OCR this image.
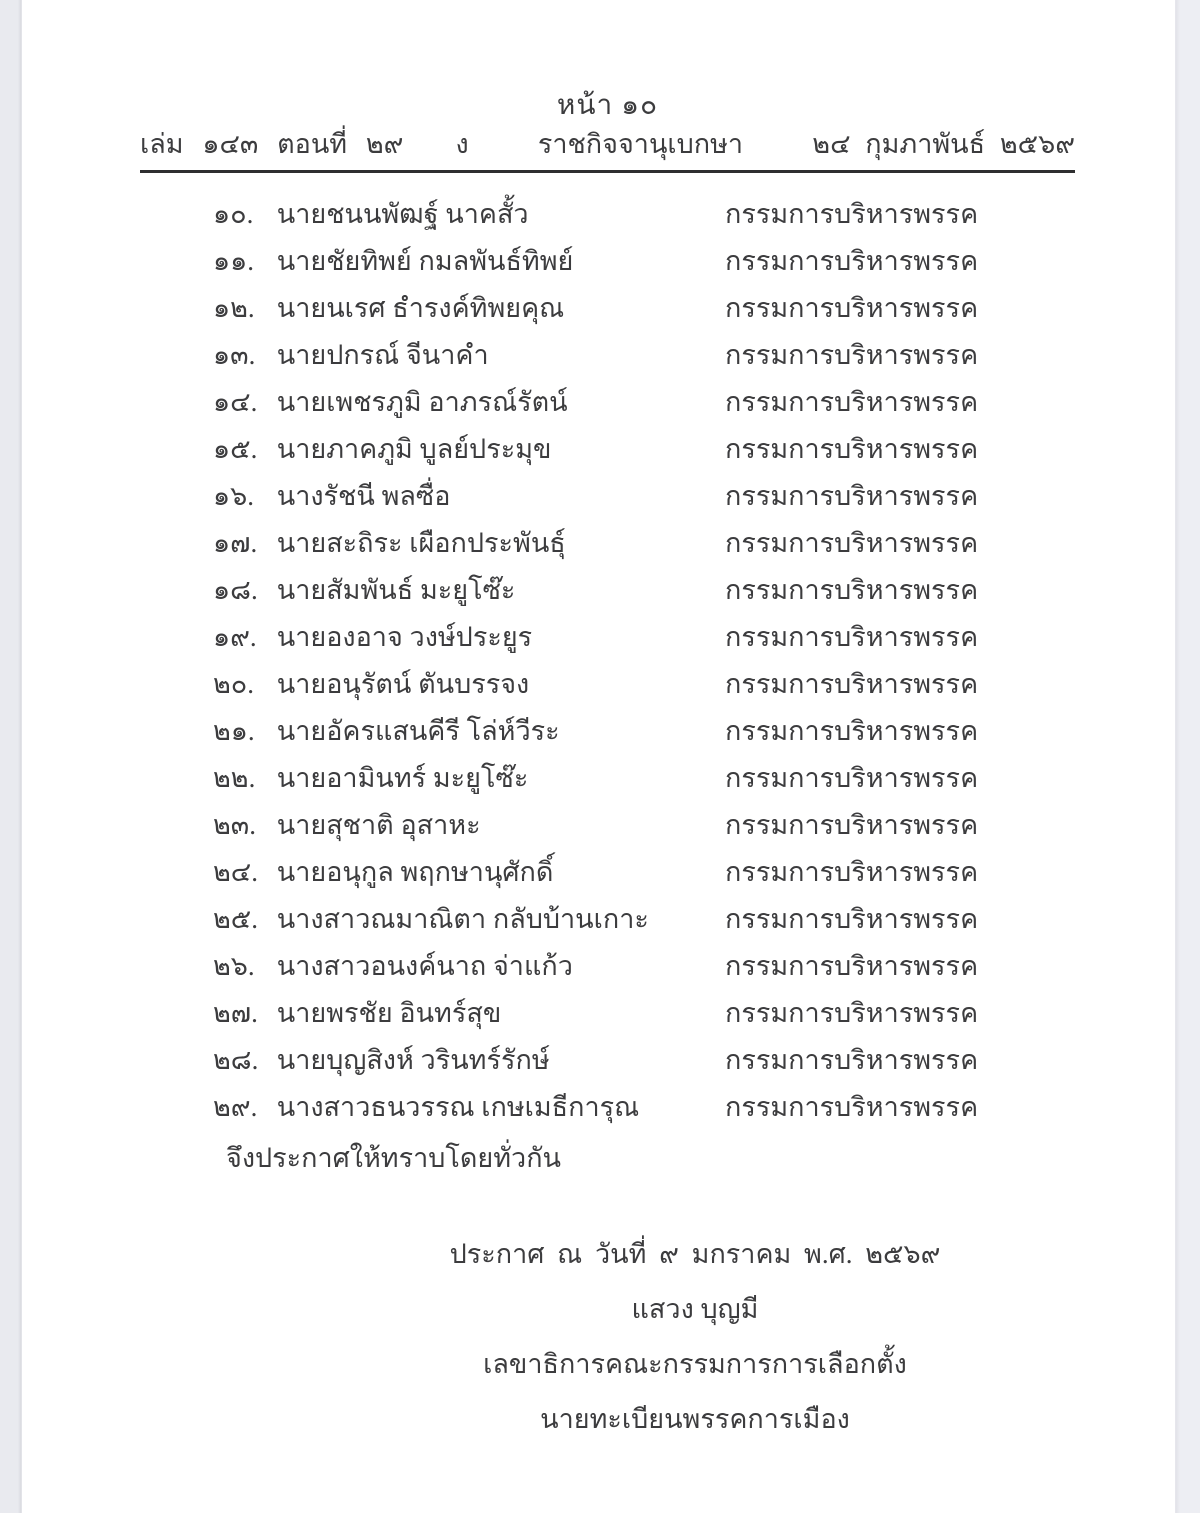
หน้า ๑๐
เล่ม ๑๔๓ ตอนที่ ๒๙ ง	ราชกิจจานุเบกษา	๒๔ กุมภาพันธ์ ๒๕๖๙
๑๐. นายชนนพัฒฐ์ นาคสั้ว	กรรมการบริหารพรรค
๑๑. นายชัยทิพย์ กมลพันธ์ทิพย์	กรรมการบริหารพรรค
๑๒. นายนเรศ ธำรงค์ทิพยคุณ	กรรมการบริหารพรรค
๑๓. นายปกรณ์ จีนาคำ	กรรมการบริหารพรรค
๑๔. นายเพชรภูมิ อาภรณ์รัตน์	กรรมการบริหารพรรค
๑๕. นายภาคภูมิ บูลย์ประมุข	กรรมการบริหารพรรค
๑๖. นางรัชนี พลซื่อ	กรรมการบริหารพรรค
๑๗. นายสะถิระ เผือกประพันธุ์	กรรมการบริหารพรรค
๑๘. นายสัมพันธ์ มะยูโซ๊ะ	กรรมการบริหารพรรค
๑๙. นายองอาจ วงษ์ประยูร	กรรมการบริหารพรรค
๒๐. นายอนุรัตน์ ตันบรรจง	กรรมการบริหารพรรค
๒๑. นายอัครแสนคีรี โล่ห์วีระ	กรรมการบริหารพรรค
๒๒. นายอามินทร์ มะยูโซ๊ะ	กรรมการบริหารพรรค
๒๓. นายสุชาติ อุสาหะ	กรรมการบริหารพรรค
๒๔. นายอนุกูล พฤกษานุศักดิ์	กรรมการบริหารพรรค
๒๕. นางสาวณมาณิตา กลับบ้านเกาะ	กรรมการบริหารพรรค
๒๖. นางสาวอนงค์นาถ จ่าแก้ว	กรรมการบริหารพรรค
๒๗. นายพรชัย อินทร์สุข	กรรมการบริหารพรรค
๒๘. นายบุญสิงห์ วรินทร์รักษ์	กรรมการบริหารพรรค
๒๙. นางสาวธนวรรณ เกษเมธีการุณ	กรรมการบริหารพรรค
จึงประกาศให้ทราบโดยทั่วกัน
ประกาศ ณ วันที่ ๙ มกราคม พ.ศ. ๒๕๖๙
แสวง บุญมี
เลขาธิการคณะกรรมการการเลือกตั้ง
นายทะเบียนพรรคการเมือง
